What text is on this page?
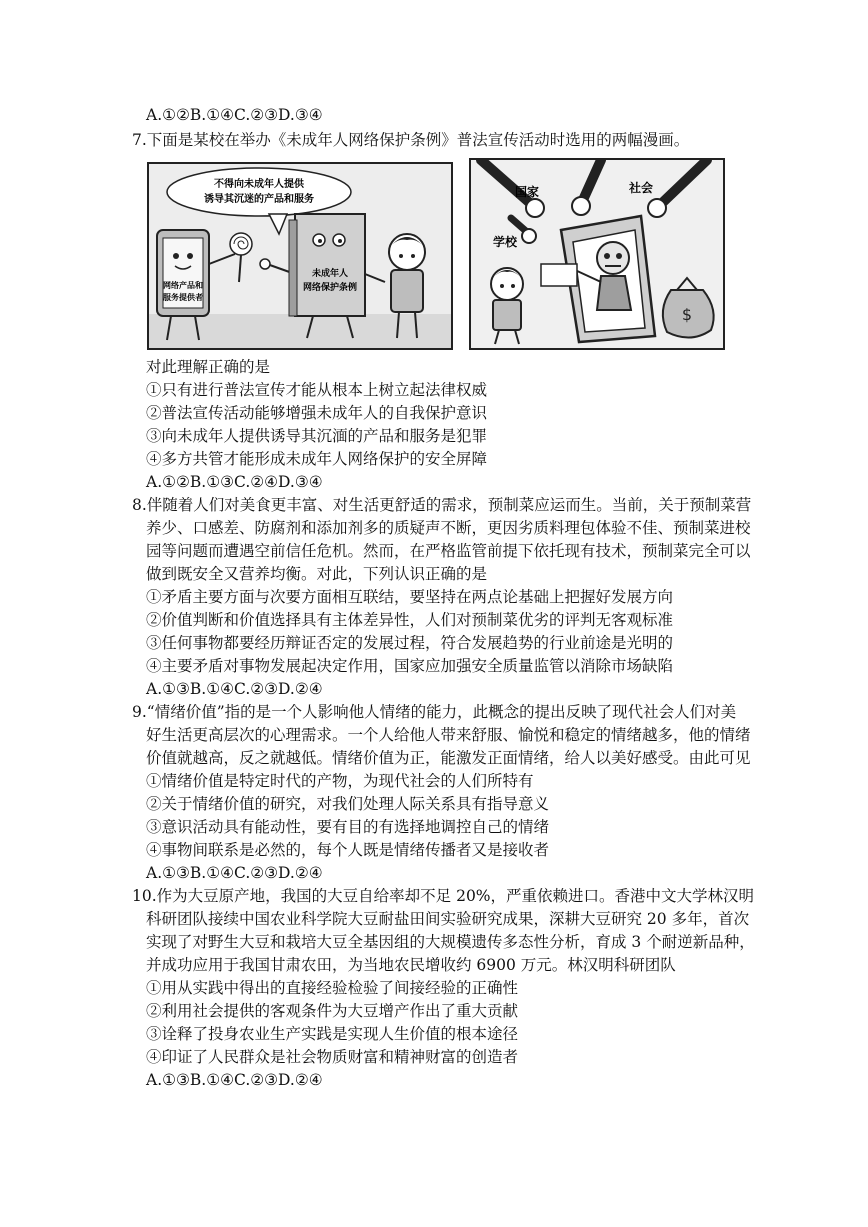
A.①②B.①④C.②③D.③④
7.下面是某校在举办《未成年人网络保护条例》普法宣传活动时选用的两幅漫画。
不得向未成年人提供
诱导其沉迷的产品和服务
网络产品和
服务提供者
未成年人
网络保护条例
国家	社会
学校
$
对此理解正确的是
①只有进行普法宣传才能从根本上树立起法律权威
②普法宣传活动能够增强未成年人的自我保护意识
③向未成年人提供诱导其沉湎的产品和服务是犯罪
④多方共管才能形成未成年人网络保护的安全屏障
A.①②B.①③C.②④D.③④
8.伴随着人们对美食更丰富、对生活更舒适的需求，预制菜应运而生。当前，关于预制菜营
养少、口感差、防腐剂和添加剂多的质疑声不断，更因劣质料理包体验不佳、预制菜进校
园等问题而遭遇空前信任危机。然而，在严格监管前提下依托现有技术，预制菜完全可以
做到既安全又营养均衡。对此，下列认识正确的是
①矛盾主要方面与次要方面相互联结，要坚持在两点论基础上把握好发展方向
②价值判断和价值选择具有主体差异性，人们对预制菜优劣的评判无客观标准
③任何事物都要经历辩证否定的发展过程，符合发展趋势的行业前途是光明的
④主要矛盾对事物发展起决定作用，国家应加强安全质量监管以消除市场缺陷
A.①③B.①④C.②③D.②④
9.“情绪价值”指的是一个人影响他人情绪的能力，此概念的提出反映了现代社会人们对美
好生活更高层次的心理需求。一个人给他人带来舒服、愉悦和稳定的情绪越多，他的情绪
价值就越高，反之就越低。情绪价值为正，能激发正面情绪，给人以美好感受。由此可见
①情绪价值是特定时代的产物，为现代社会的人们所特有
②关于情绪价值的研究，对我们处理人际关系具有指导意义
③意识活动具有能动性，要有目的有选择地调控自己的情绪
④事物间联系是必然的，每个人既是情绪传播者又是接收者
A.①③B.①④C.②③D.②④
10.作为大豆原产地，我国的大豆自给率却不足 20%，严重依赖进口。香港中文大学林汉明
科研团队接续中国农业科学院大豆耐盐田间实验研究成果，深耕大豆研究 20 多年，首次
实现了对野生大豆和栽培大豆全基因组的大规模遗传多态性分析，育成 3 个耐逆新品种，
并成功应用于我国甘肃农田，为当地农民增收约 6900 万元。林汉明科研团队
①用从实践中得出的直接经验检验了间接经验的正确性
②利用社会提供的客观条件为大豆增产作出了重大贡献
③诠释了投身农业生产实践是实现人生价值的根本途径
④印证了人民群众是社会物质财富和精神财富的创造者
A.①③B.①④C.②③D.②④
